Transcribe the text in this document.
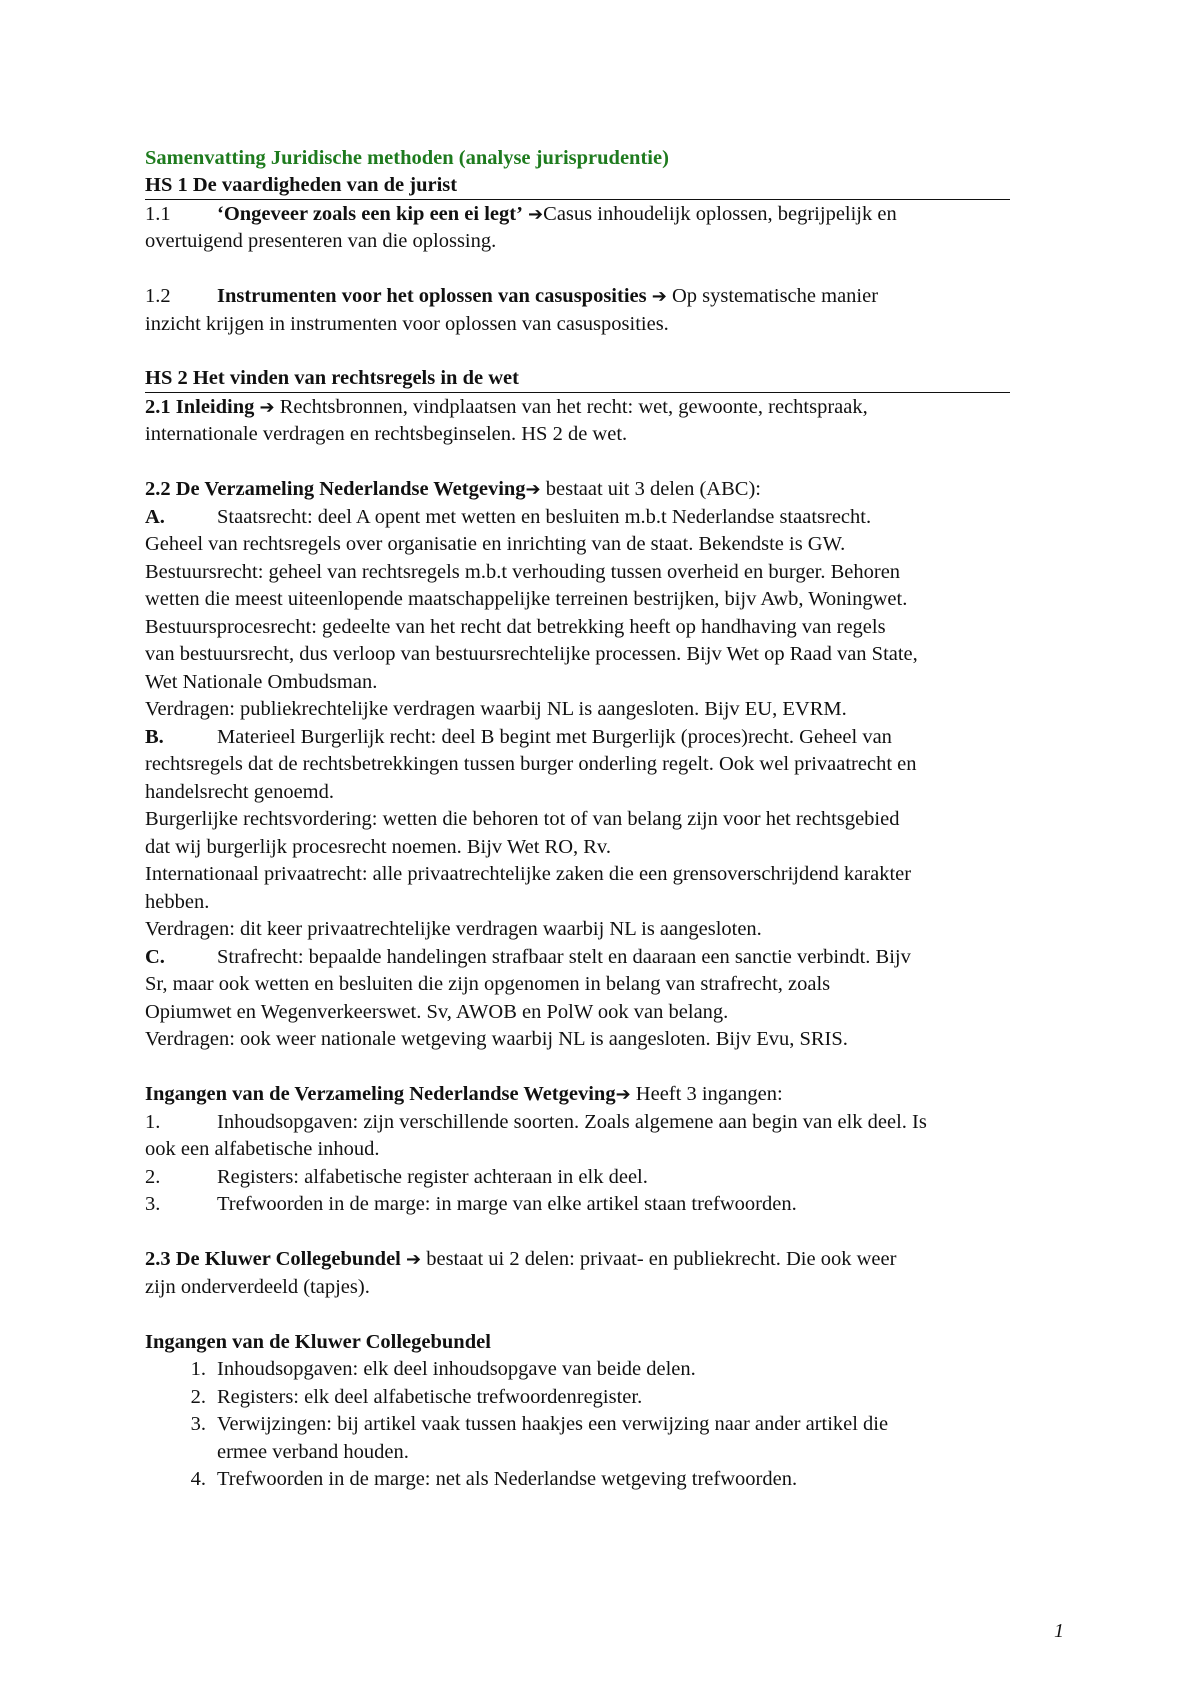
Samenvatting Juridische methoden (analyse jurisprudentie)

HS 1 De vaardigheden van de jurist

1.1 ‘Ongeveer zoals een kip een ei legt’ ➔Casus inhoudelijk oplossen, begrijpelijk en

overtuigend presenteren van die oplossing.

1.2 Instrumenten voor het oplossen van casusposities ➔ Op systematische manier

inzicht krijgen in instrumenten voor oplossen van casusposities.

HS 2 Het vinden van rechtsregels in de wet

2.1 Inleiding ➔ Rechtsbronnen, vindplaatsen van het recht: wet, gewoonte, rechtspraak,

internationale verdragen en rechtsbeginselen. HS 2 de wet.

2.2 De Verzameling Nederlandse Wetgeving➔ bestaat uit 3 delen (ABC):

A.	Staatsrecht: deel A opent met wetten en besluiten m.b.t Nederlandse staatsrecht.

Geheel van rechtsregels over organisatie en inrichting van de staat. Bekendste is GW.

Bestuursrecht: geheel van rechtsregels m.b.t verhouding tussen overheid en burger. Behoren

wetten die meest uiteenlopende maatschappelijke terreinen bestrijken, bijv Awb, Woningwet.

Bestuursprocesrecht: gedeelte van het recht dat betrekking heeft op handhaving van regels

van bestuursrecht, dus verloop van bestuursrechtelijke processen. Bijv Wet op Raad van State,

Wet Nationale Ombudsman.

Verdragen: publiekrechtelijke verdragen waarbij NL is aangesloten. Bijv EU, EVRM.

B.	Materieel Burgerlijk recht: deel B begint met Burgerlijk (proces)recht. Geheel van

rechtsregels dat de rechtsbetrekkingen tussen burger onderling regelt. Ook wel privaatrecht en

handelsrecht genoemd.

Burgerlijke rechtsvordering: wetten die behoren tot of van belang zijn voor het rechtsgebied

dat wij burgerlijk procesrecht noemen. Bijv Wet RO, Rv.

Internationaal privaatrecht: alle privaatrechtelijke zaken die een grensoverschrijdend karakter

hebben.

Verdragen: dit keer privaatrechtelijke verdragen waarbij NL is aangesloten.

C.	Strafrecht: bepaalde handelingen strafbaar stelt en daaraan een sanctie verbindt. Bijv

Sr, maar ook wetten en besluiten die zijn opgenomen in belang van strafrecht, zoals

Opiumwet en Wegenverkeerswet. Sv, AWOB en PolW ook van belang.

Verdragen: ook weer nationale wetgeving waarbij NL is aangesloten. Bijv Evu, SRIS.

Ingangen van de Verzameling Nederlandse Wetgeving➔ Heeft 3 ingangen:

1.	Inhoudsopgaven: zijn verschillende soorten. Zoals algemene aan begin van elk deel. Is

ook een alfabetische inhoud.

2.	Registers: alfabetische register achteraan in elk deel.

3.	Trefwoorden in de marge: in marge van elke artikel staan trefwoorden.

2.3 De Kluwer Collegebundel ➔ bestaat ui 2 delen: privaat- en publiekrecht. Die ook weer

zijn onderverdeeld (tapjes).

Ingangen van de Kluwer Collegebundel

1. Inhoudsopgaven: elk deel inhoudsopgave van beide delen.

2. Registers: elk deel alfabetische trefwoordenregister.

3. Verwijzingen: bij artikel vaak tussen haakjes een verwijzing naar ander artikel die

ermee verband houden.

4. Trefwoorden in de marge: net als Nederlandse wetgeving trefwoorden.

1
